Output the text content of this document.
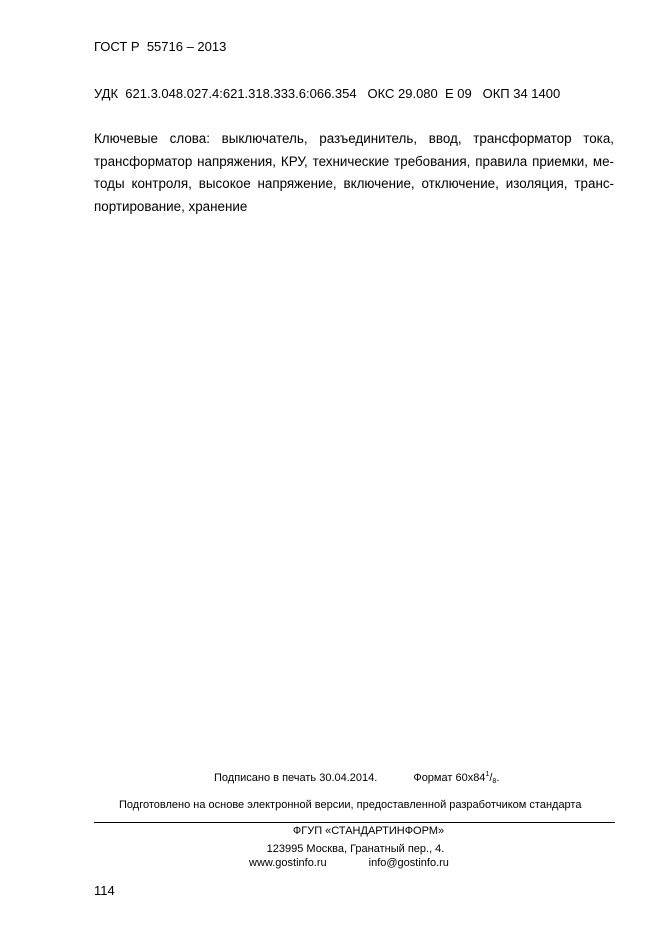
ГОСТ Р  55716 – 2013
УДК  621.3.048.027.4:621.318.333.6:066.354 ОКС 29.080 Е 09 ОКП 34 1400

Ключевые слова: выключатель, разъединитель, ввод, трансформатор тока, трансформатор напряжения, КРУ, технические требования, правила приемки, методы контроля, высокое напряжение, включение, отключение, изоляция, транспортирование, хранение

Подписано в печать 30.04.2014.	Формат $60х84^1/_8$.
Подготовлено на основе электронной версии, предоставленной разработчиком стандарта
ФГУП «СТАНДАРТИНФОРМ»
123995 Москва, Гранатный пер., 4.
www.gostinfo.ru	info@gostinfo.ru
114
